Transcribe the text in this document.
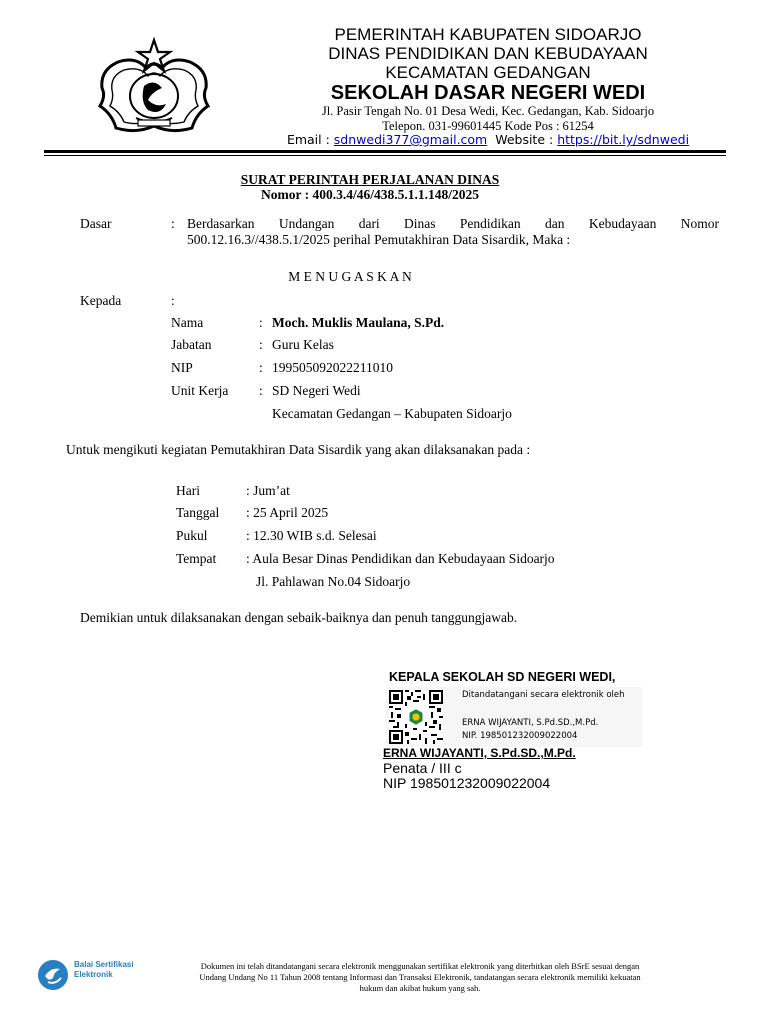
PEMERINTAH KABUPATEN SIDOARJO
DINAS PENDIDIKAN DAN KEBUDAYAAN
KECAMATAN GEDANGAN
SEKOLAH DASAR NEGERI WEDI
Jl. Pasir Tengah No. 01 Desa Wedi, Kec. Gedangan, Kab. Sidoarjo
Telepon. 031-99601445 Kode Pos : 61254
Email : sdnwedi377@gmail.com Website : https://bit.ly/sdnwedi
SURAT PERINTAH PERJALANAN DINAS
Nomor : 400.3.4/46/438.5.1.1.148/2025
Dasar	: Berdasarkan Undangan dari Dinas Pendidikan dan Kebudayaan Nomor
500.12.16.3//438.5.1/2025 perihal Pemutakhiran Data Sisardik, Maka :
M E N U G A S K A N
Kepada	:
Nama	: Moch. Muklis Maulana, S.Pd.
Jabatan	: Guru Kelas
NIP	: 199505092022211010
Unit Kerja : SD Negeri Wedi
Kecamatan Gedangan – Kabupaten Sidoarjo
Untuk mengikuti kegiatan Pemutakhiran Data Sisardik yang akan dilaksanakan pada :
Hari	: Jum’at
Tanggal : 25 April 2025
Pukul	: 12.30 WIB s.d. Selesai
Tempat : Aula Besar Dinas Pendidikan dan Kebudayaan Sidoarjo
Jl. Pahlawan No.04 Sidoarjo
Demikian untuk dilaksanakan dengan sebaik-baiknya dan penuh tanggungjawab.
KEPALA SEKOLAH SD NEGERI WEDI,
Ditandatangani secara elektronik oleh
ERNA WIJAYANTI, S.Pd.SD.,M.Pd.
NIP. 198501232009022004
ERNA WIJAYANTI, S.Pd.SD.,M.Pd.
Penata / III c
NIP 198501232009022004
Balai Sertifikasi Elektronik
Dokumen ini telah ditandatangani secara elektronik menggunakan sertifikat elektronik yang diterbitkan oleh BSrE sesuai dengan
Undang Undang No 11 Tahun 2008 tentang Informasi dan Transaksi Elektronik, tandatangan secara elektronik memiliki kekuatan
hukum dan akibat hukum yang sah.
